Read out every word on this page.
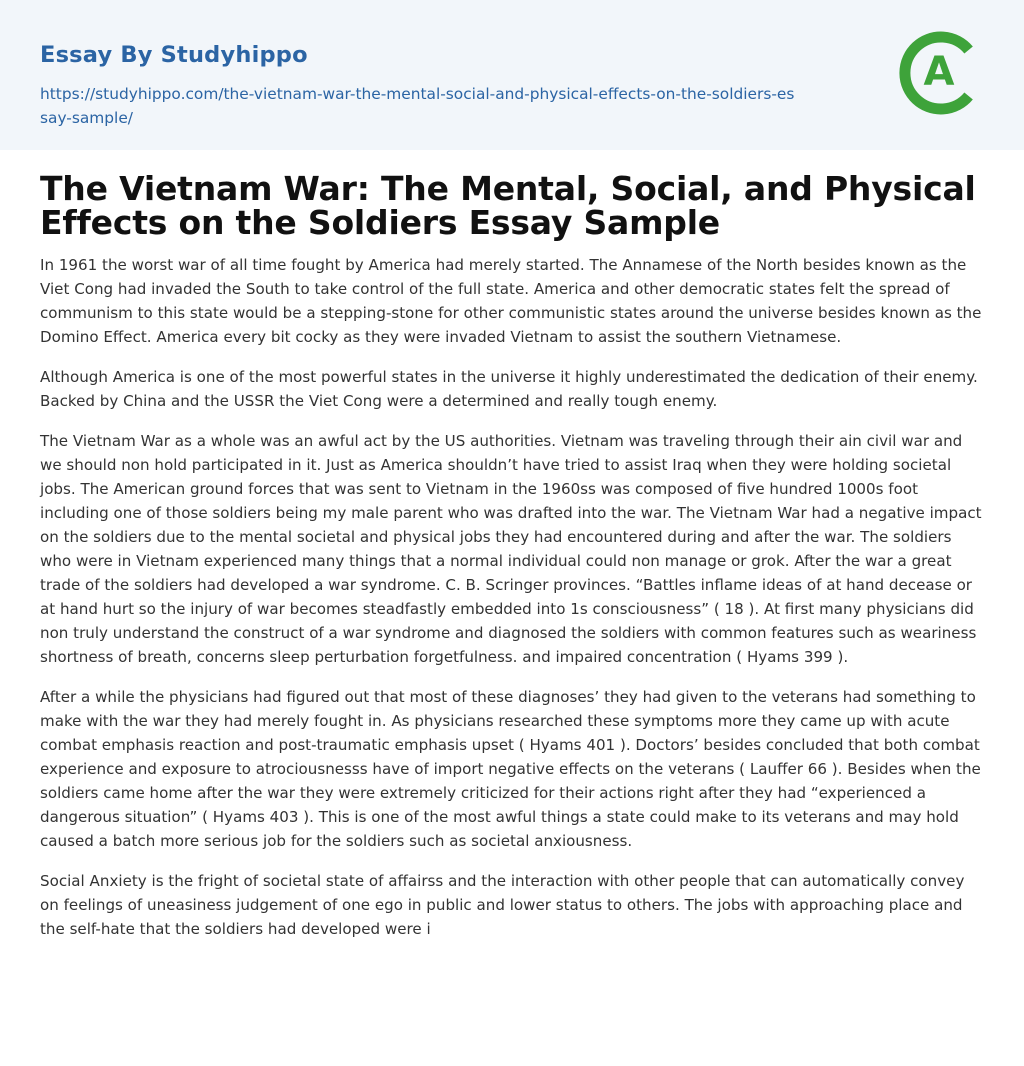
Essay By Studyhippo
https://studyhippo.com/the-vietnam-war-the-mental-social-and-physical-effects-on-the-soldiers-essay-sample/
A
The Vietnam War: The Mental, Social, and Physical Effects on the Soldiers Essay Sample

In 1961 the worst war of all time fought by America had merely started. The Annamese of the North besides known as the Viet Cong had invaded the South to take control of the full state. America and other democratic states felt the spread of communism to this state would be a stepping-stone for other communistic states around the universe besides known as the Domino Effect. America every bit cocky as they were invaded Vietnam to assist the southern Vietnamese.

Although America is one of the most powerful states in the universe it highly underestimated the dedication of their enemy. Backed by China and the USSR the Viet Cong were a determined and really tough enemy.

The Vietnam War as a whole was an awful act by the US authorities. Vietnam was traveling through their ain civil war and we should non hold participated in it. Just as America shouldn’t have tried to assist Iraq when they were holding societal jobs. The American ground forces that was sent to Vietnam in the 1960ss was composed of five hundred 1000s foot including one of those soldiers being my male parent who was drafted into the war. The Vietnam War had a negative impact on the soldiers due to the mental societal and physical jobs they had encountered during and after the war. The soldiers who were in Vietnam experienced many things that a normal individual could non manage or grok. After the war a great trade of the soldiers had developed a war syndrome. C. B. Scringer provinces. “Battles inflame ideas of at hand decease or at hand hurt so the injury of war becomes steadfastly embedded into 1s consciousness” ( 18 ). At first many physicians did non truly understand the construct of a war syndrome and diagnosed the soldiers with common features such as weariness shortness of breath, concerns sleep perturbation forgetfulness. and impaired concentration ( Hyams 399 ).

After a while the physicians had figured out that most of these diagnoses’ they had given to the veterans had something to make with the war they had merely fought in. As physicians researched these symptoms more they came up with acute combat emphasis reaction and post-traumatic emphasis upset ( Hyams 401 ). Doctors’ besides concluded that both combat experience and exposure to atrociousnesss have of import negative effects on the veterans ( Lauffer 66 ). Besides when the soldiers came home after the war they were extremely criticized for their actions right after they had “experienced a dangerous situation” ( Hyams 403 ). This is one of the most awful things a state could make to its veterans and may hold caused a batch more serious job for the soldiers such as societal anxiousness.

Social Anxiety is the fright of societal state of affairss and the interaction with other people that can automatically convey on feelings of uneasiness judgement of one ego in public and lower status to others. The jobs with approaching place and the self-hate that the soldiers had developed were i
